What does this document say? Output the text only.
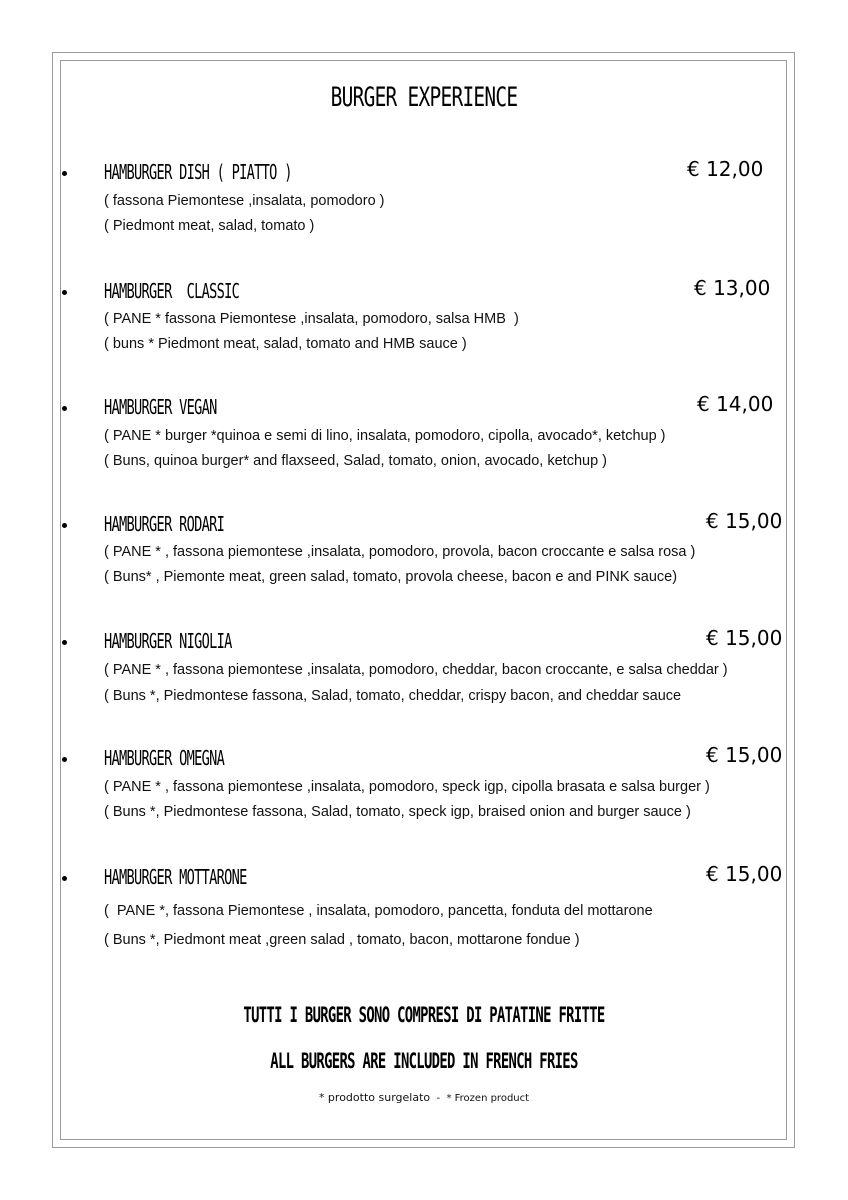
BURGER EXPERIENCE
HAMBURGER DISH ( PIATTO )	€ 12,00
( fassona Piemontese ,insalata, pomodoro )
( Piedmont meat, salad, tomato )
HAMBURGER  CLASSIC	€ 13,00
( PANE * fassona Piemontese ,insalata, pomodoro, salsa HMB  )
( buns * Piedmont meat, salad, tomato and HMB sauce )
HAMBURGER VEGAN	€ 14,00
( PANE * burger *quinoa e semi di lino, insalata, pomodoro, cipolla, avocado*, ketchup )
( Buns, quinoa burger* and flaxseed, Salad, tomato, onion, avocado, ketchup )
HAMBURGER RODARI	€ 15,00
( PANE * , fassona piemontese ,insalata, pomodoro, provola, bacon croccante e salsa rosa )
( Buns* , Piemonte meat, green salad, tomato, provola cheese, bacon e and PINK sauce)
HAMBURGER NIGOLIA	€ 15,00
( PANE * , fassona piemontese ,insalata, pomodoro, cheddar, bacon croccante, e salsa cheddar )
( Buns *, Piedmontese fassona, Salad, tomato, cheddar, crispy bacon, and cheddar sauce
HAMBURGER OMEGNA	€ 15,00
( PANE * , fassona piemontese ,insalata, pomodoro, speck igp, cipolla brasata e salsa burger )
( Buns *, Piedmontese fassona, Salad, tomato, speck igp, braised onion and burger sauce )
HAMBURGER MOTTARONE	€ 15,00
(  PANE *, fassona Piemontese , insalata, pomodoro, pancetta, fonduta del mottarone
( Buns *, Piedmont meat ,green salad , tomato, bacon, mottarone fondue )
TUTTI I BURGER SONO COMPRESI DI PATATINE FRITTE
ALL BURGERS ARE INCLUDED IN FRENCH FRIES
* prodotto surgelato  -  * Frozen product
